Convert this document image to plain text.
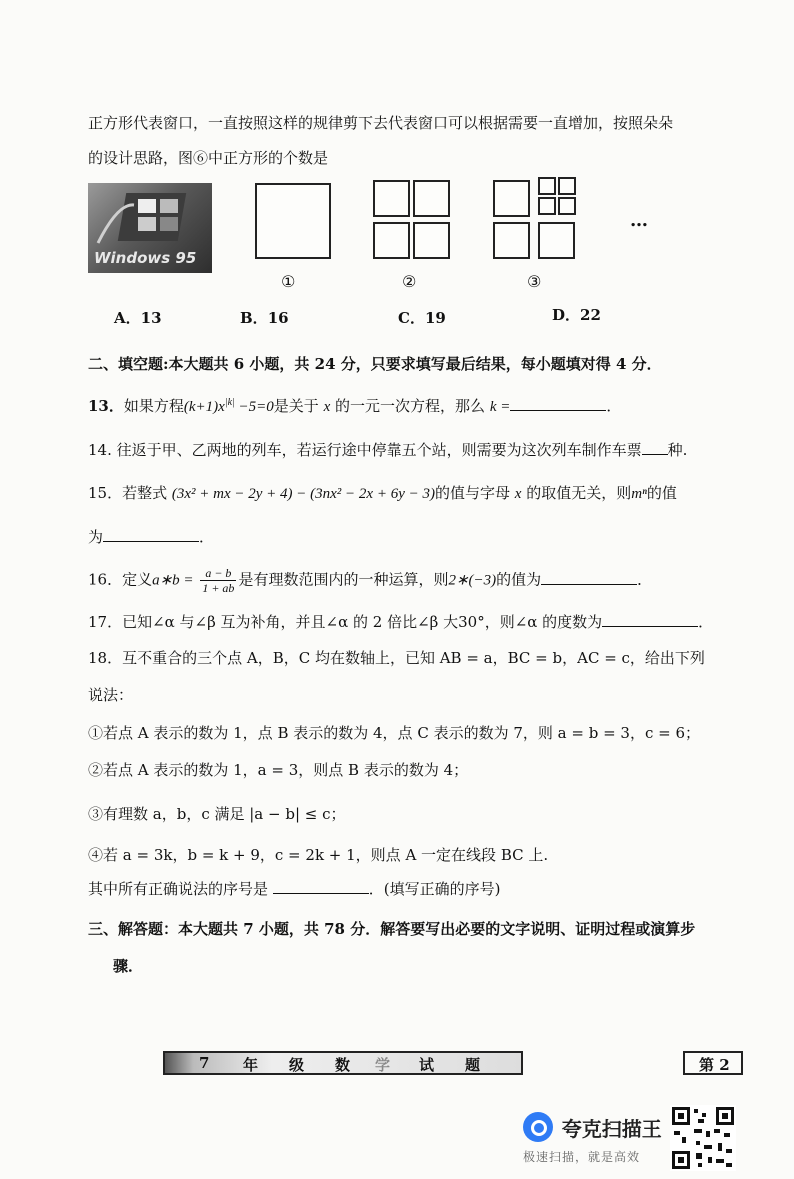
正方形代表窗口，一直按照这样的规律剪下去代表窗口可以根据需要一直增加，按照朵朵
的设计思路，图⑥中正方形的个数是
Windows 95
①	②	③
…
A．13	B．16	C．19	D．22
二、填空题:本大题共 6 小题，共 24 分，只要求填写最后结果，每小题填对得 4 分．
13．如果方程$(k+1)x^{|k|} -5=0$是关于 x 的一元一次方程，那么 k =	．
14. 往返于甲、乙两地的列车，若运行途中停靠五个站，则需要为这次列车制作车票 种.
15．若整式 (3x² + mx − 2y + 4) − (3nx² − 2x + 6y − 3)的值与字母 x 的取值无关，则mⁿ的值
为	．
16．定义a∗b = $\frac{a - b}{1 + ab}$ 是有理数范围内的一种运算，则2∗(−3)的值为	．
17．已知∠α 与∠β 互为补角，并且∠α 的 2 倍比∠β 大30°，则∠α 的度数为	．
18．互不重合的三个点 A，B，C 均在数轴上，已知 AB = a，BC = b，AC = c，给出下列
说法：
①若点 A 表示的数为 1，点 B 表示的数为 4，点 C 表示的数为 7，则 a = b = 3，c = 6；
②若点 A 表示的数为 1，a = 3，则点 B 表示的数为 4；
③有理数 a，b，c 满足 |a − b| ≤ c；
④若 a = 3k，b = k + 9，c = 2k + 1，则点 A 一定在线段 BC 上.
其中所有正确说法的序号是	．(填写正确的序号)
三、解答题：本大题共 7 小题，共 78 分．解答要写出必要的文字说明、证明过程或演算步
骤．
7 年 级 数 学 试 题	第 2
夸克扫描王
极速扫描，就是高效
